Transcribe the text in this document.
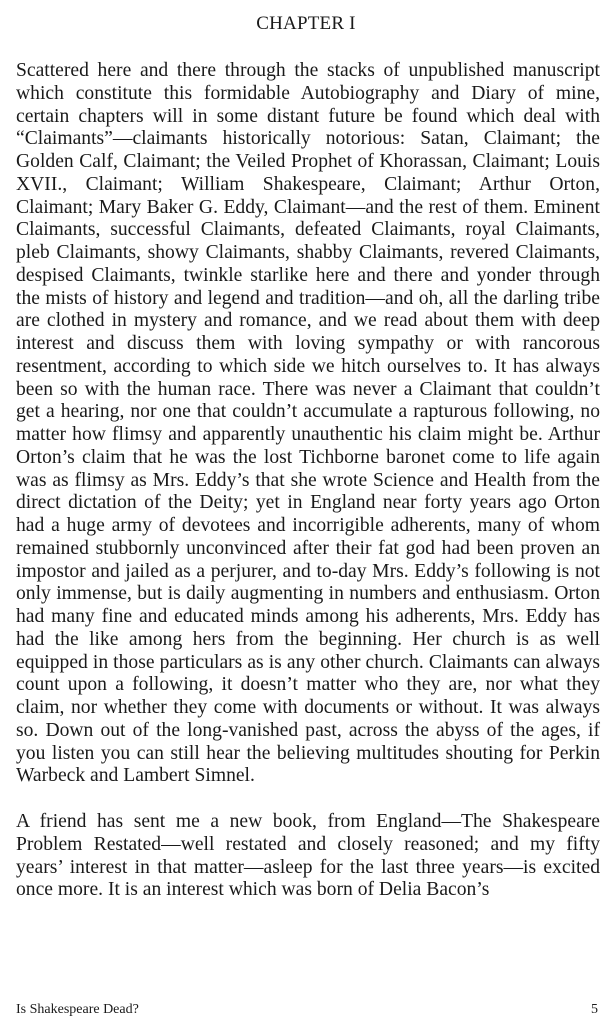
CHAPTER I

Scattered here and there through the stacks of unpublished manuscript which constitute this formidable Autobiography and Diary of mine, certain chapters will in some distant future be found which deal with “Claimants”—claimants historically notorious: Satan, Claimant; the Golden Calf, Claimant; the Veiled Prophet of Khorassan, Claimant; Louis XVII., Claimant; William Shakespeare, Claimant; Arthur Orton, Claimant; Mary Baker G. Eddy, Claimant—and the rest of them. Eminent Claimants, successful Claimants, defeated Claimants, royal Claimants, pleb Claimants, showy Claimants, shabby Claimants, revered Claimants, despised Claimants, twinkle starlike here and there and yonder through the mists of history and legend and tradition—and oh, all the darling tribe are clothed in mystery and romance, and we read about them with deep interest and discuss them with loving sympathy or with rancorous resentment, according to which side we hitch ourselves to. It has always been so with the human race. There was never a Claimant that couldn’t get a hearing, nor one that couldn’t accumulate a rapturous following, no matter how flimsy and apparently unauthentic his claim might be. Arthur Orton’s claim that he was the lost Tichborne baronet come to life again was as flimsy as Mrs. Eddy’s that she wrote Science and Health from the direct dictation of the Deity; yet in England near forty years ago Orton had a huge army of devotees and incorrigible adherents, many of whom remained stubbornly unconvinced after their fat god had been proven an impostor and jailed as a perjurer, and to-day Mrs. Eddy’s following is not only immense, but is daily augmenting in numbers and enthusiasm. Orton had many fine and educated minds among his adherents, Mrs. Eddy has had the like among hers from the beginning. Her church is as well equipped in those particulars as is any other church. Claimants can always count upon a following, it doesn’t matter who they are, nor what they claim, nor whether they come with documents or without. It was always so. Down out of the long-vanished past, across the abyss of the ages, if you listen you can still hear the believing multitudes shouting for Perkin Warbeck and Lambert Simnel.

A friend has sent me a new book, from England—The Shakespeare Problem Restated—well restated and closely reasoned; and my fifty years’ interest in that matter—asleep for the last three years—is excited once more. It is an interest which was born of Delia Bacon’s

Is Shakespeare Dead?	5
